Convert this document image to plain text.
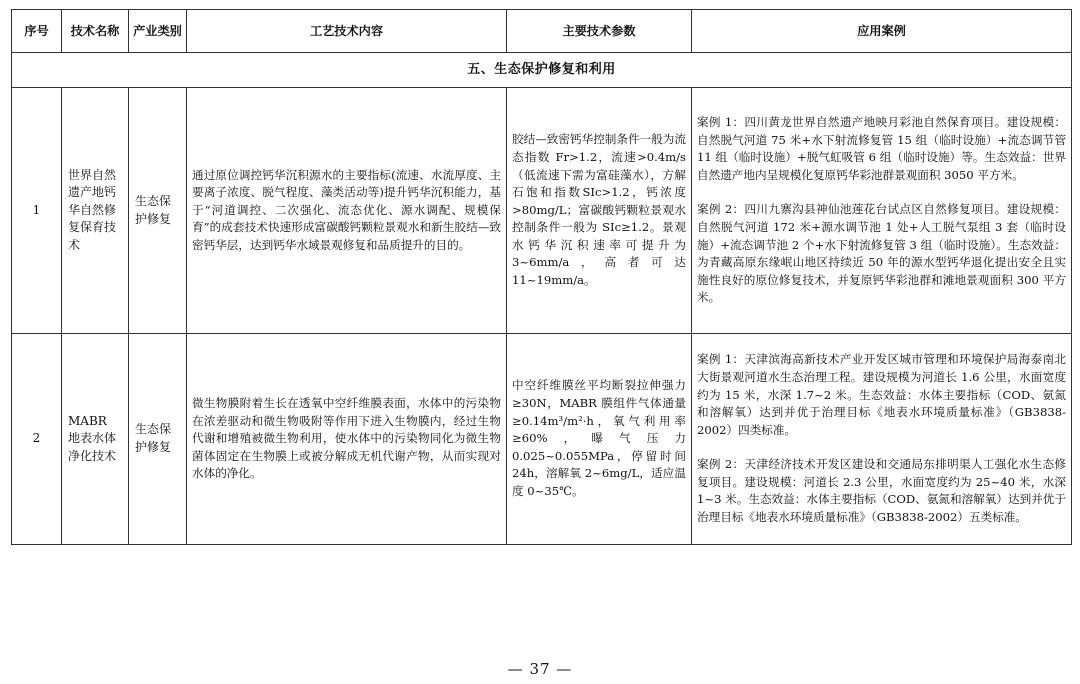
序号	技术名称	产业类别	工艺技术内容	主要技术参数	应用案例
五、生态保护修复和利用					
1	世界自然遗产地钙华自然修复保育技术	生态保护修复	通过原位调控钙华沉积源水的主要指标(流速、水流厚度、主要离子浓度、脱气程度、藻类活动等)提升钙华沉积能力，基于“河道调控、二次强化、流态优化、源水调配、规模保育”的成套技术快速形成富碳酸钙颗粒景观水和新生胶结—致密钙华层，达到钙华水域景观修复和品质提升的目的。	胶结—致密钙华控制条件一般为流态指数 Fr>1.2，流速>0.4m/s（低流速下需为富硅藻水），方解石饱和指数SIc>1.2，钙浓度>80mg/L；富碳酸钙颗粒景观水控制条件一般为 SIc≥1.2。景观水钙华沉积速率可提升为 3~6mm/a，高者可达 11~19mm/a。	案例 1：四川黄龙世界自然遗产地映月彩池自然保育项目。建设规模：自然脱气河道 75 米+水下射流修复管 15 组（临时设施）+流态调节管 11 组（临时设施）+脱气虹吸管 6 组（临时设施）等。生态效益：世界自然遗产地内呈规模化复原钙华彩池群景观面积 3050 平方米。
案例 2：四川九寨沟县神仙池莲花台试点区自然修复项目。建设规模：自然脱气河道 172 米+源水调节池 1 处+人工脱气泵组 3 套（临时设施）+流态调节池 2 个+水下射流修复管 3 组（临时设施）。生态效益：为青藏高原东缘岷山地区持续近 50 年的源水型钙华退化提出安全且实施性良好的原位修复技术，并复原钙华彩池群和滩地景观面积 300 平方米。

2	MABR 地表水体净化技术	生态保护修复	微生物膜附着生长在透氧中空纤维膜表面，水体中的污染物在浓差驱动和微生物吸附等作用下进入生物膜内，经过生物代谢和增殖被微生物利用，使水体中的污染物同化为微生物菌体固定在生物膜上或被分解成无机代谢产物，从而实现对水体的净化。	中空纤维膜丝平均断裂拉伸强力≥30N，MABR 膜组件气体通量≥0.14m³/m²·h，氧气利用率≥60%，曝气压力 0.025~0.055MPa，停留时间 24h，溶解氧 2~6mg/L，适应温度 0~35℃。	案例 1：天津滨海高新技术产业开发区城市管理和环境保护局海泰南北大街景观河道水生态治理工程。建设规模为河道长 1.6 公里，水面宽度约为 15 米，水深 1.7~2 米。生态效益：水体主要指标（COD、氨氮和溶解氧）达到并优于治理目标《地表水环境质量标准》（GB3838-2002）四类标准。
案例 2：天津经济技术开发区建设和交通局东排明渠人工强化水生态修复项目。建设规模：河道长 2.3 公里，水面宽度约为 25~40 米，水深 1~3 米。生态效益：水体主要指标（COD、氨氮和溶解氧）达到并优于治理目标《地表水环境质量标准》（GB3838-2002）五类标准。
— 37 —
